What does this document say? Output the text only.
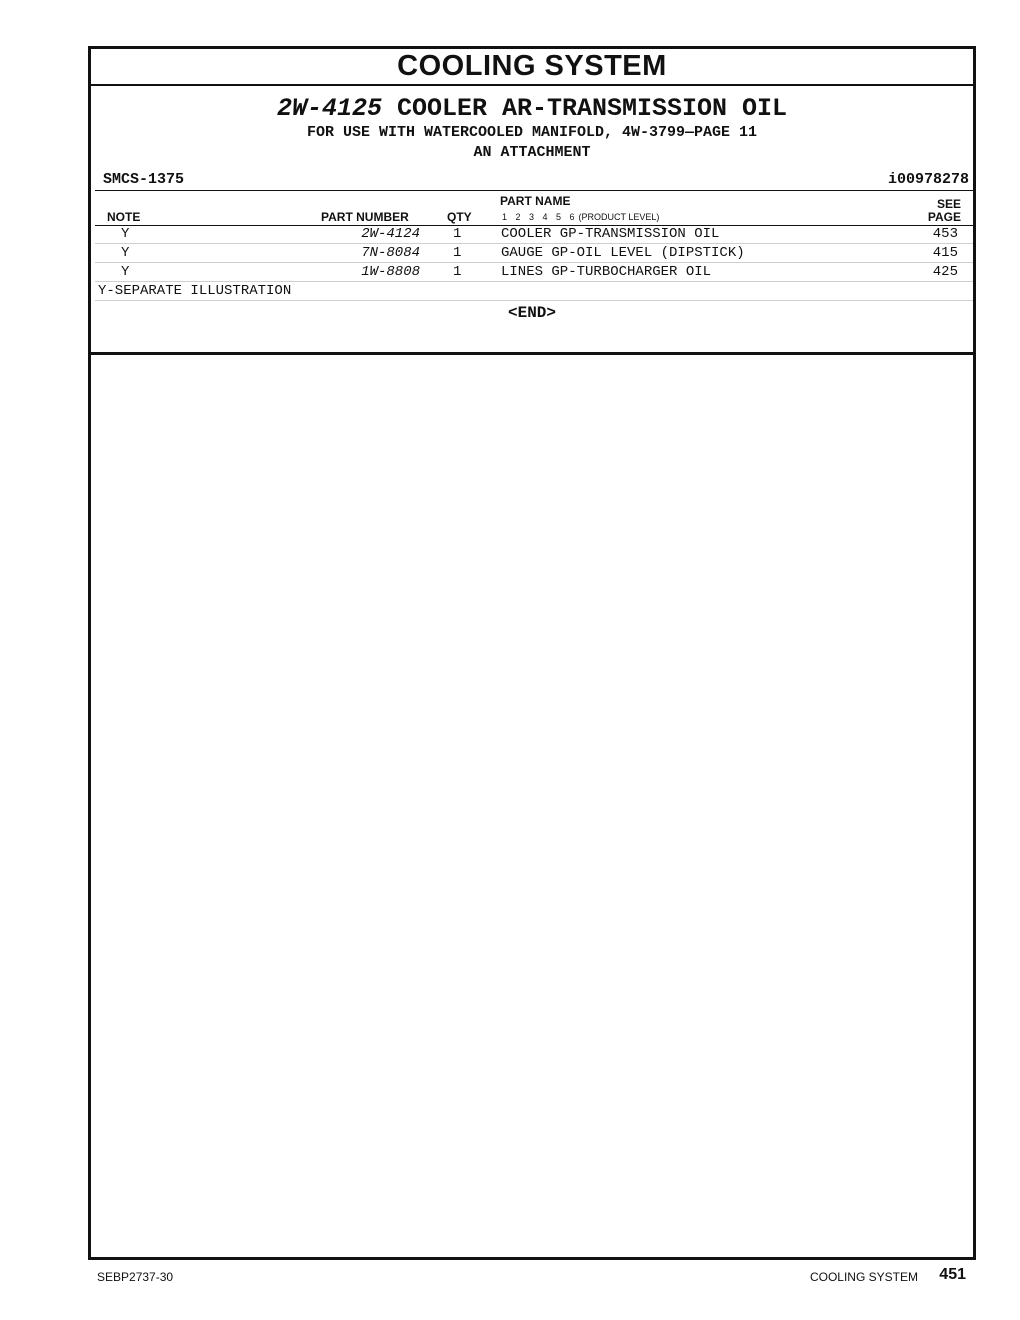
COOLING SYSTEM
2W-4125 COOLER AR-TRANSMISSION OIL
FOR USE WITH WATERCOOLED MANIFOLD, 4W-3799—PAGE 11
AN ATTACHMENT
SMCS-1375	i00978278
NOTE	PART NUMBER	QTY
PART NAME
1 2 3 4 5 6 (PRODUCT LEVEL)
SEE
PAGE
Y	2W-4124 1	COOLER GP-TRANSMISSION OIL	453
Y	7N-8084 1	GAUGE GP-OIL LEVEL (DIPSTICK)	415
Y	1W-8808 1	LINES GP-TURBOCHARGER OIL	425
Y-SEPARATE ILLUSTRATION
<END>
SEBP2737-30	COOLING SYSTEM 451
